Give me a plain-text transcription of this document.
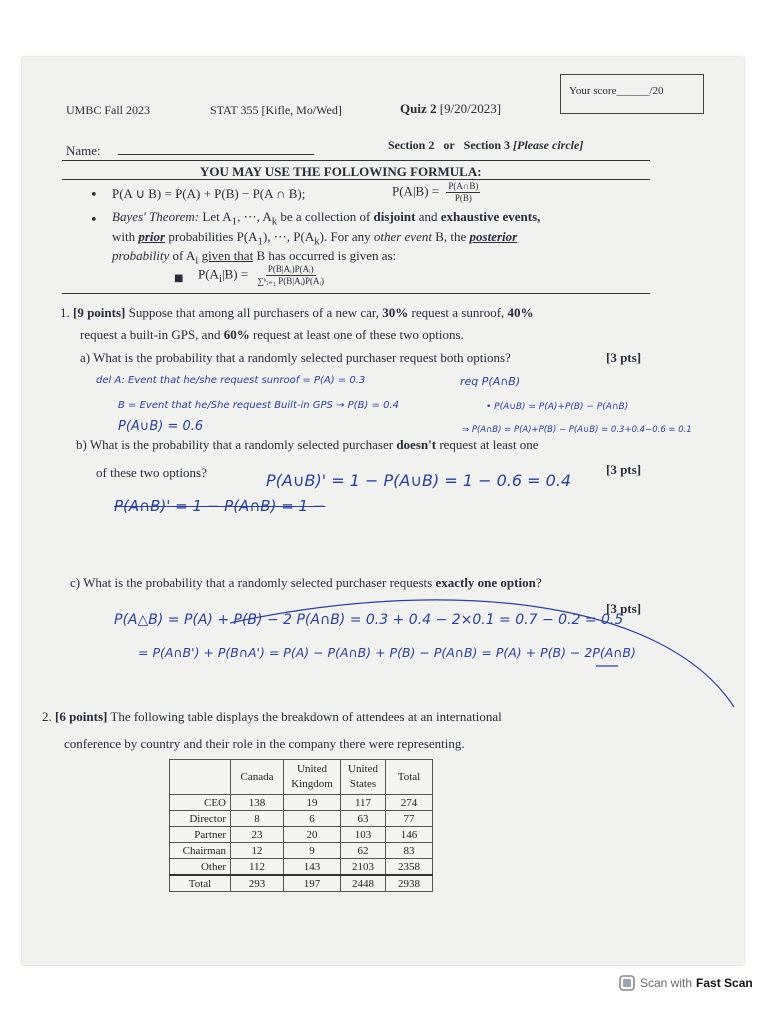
UMBC Fall 2023	STAT 355 [Kifle, Mo/Wed]	Quiz 2 [9/20/2023]
Your score______/20
Name:	Section 2 or Section 3 [Please circle]
YOU MAY USE THE FOLLOWING FORMULA:
• P(A ∪ B) = P(A) + P(B) − P(A ∩ B);	$P(A|B) = \frac{P(A\cap B)}{P(B)}$
• Bayes' Theorem: Let $A_1$, ⋯, $A_k$ be a collection of disjoint and exhaustive events,
with prior probabilities $P(A_1)$, ⋯, $P(A_k)$. For any other event B, the posterior
probability of $A_i$ given that B has occurred is given as:
■ $P(A_i|B) = \frac{\text{P(B|Aᵢ)P(Aᵢ)}}{\text{∑ᵏᵢ₌₁ P(B|Aᵢ)P(Aᵢ)}}$
1. [9 points] Suppose that among all purchasers of a new car, 30% request a sunroof, 40%
request a built-in GPS, and 60% request at least one of these two options.
a) What is the probability that a randomly selected purchaser request both options?	[3 pts]
del A: Event that he/she request sunroof = P(A) = 0.3	req P(A∩B)
B = Event that he/She request Built-in GPS → P(B) = 0.4	• P(A∪B) = P(A)+P(B) − P(A∩B)
P(A∪B) = 0.6	⇒ P(A∩B) = P(A)+P(B) − P(A∪B) = 0.3+0.4−0.6 = 0.1
b) What is the probability that a randomly selected purchaser doesn't request at least one
of these two options?	[3 pts]
P(A∪B)' = 1 − P(A∪B) = 1 − 0.6 = 0.4
P(A∩B)' = 1 − P(A∩B) = 1 −
c) What is the probability that a randomly selected purchaser requests exactly one option?
[3 pts]
P(A△B) = P(A) + P(B) − 2 P(A∩B) = 0.3 + 0.4 − 2×0.1 = 0.7 − 0.2 = 0.5
= P(A∩B') + P(B∩A') = P(A) − P(A∩B) + P(B) − P(A∩B) = P(A) + P(B) − 2P(A∩B)
2. [6 points] The following table displays the breakdown of attendees at an international
conference by country and their role in the company there were representing.
	Canada	United Kingdom	United States	Total
CEO	138	19	117	274
Director	8	6	63	77
Partner	23	20	103	146
Chairman	12	9	62	83
Other	112	143	2103	2358
Total	293	197	2448	2938
Scan with Fast Scan
